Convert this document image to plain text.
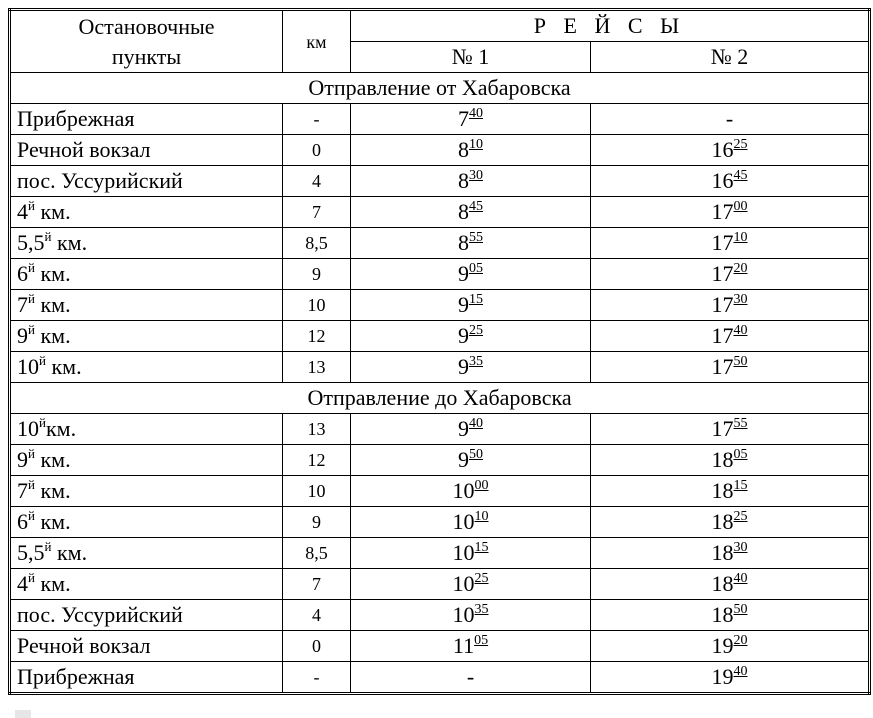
Остановочные
пункты	км	Р Е Й С Ы	
		№ 1	№ 2
Отправление от Хабаровска			
Прибрежная	-	$7^{40}$	-
Речной вокзал	0	$8^{10}$	$16^{25}$
пос. Уссурийский	4	$8^{30}$	$16^{45}$
$4^й$ км.	7	$8^{45}$	$17^{00}$
$5,5^й$ км.	8,5	$8^{55}$	$17^{10}$
$6^й$ км.	9	$9^{05}$	$17^{20}$
$7^й$ км.	10	$9^{15}$	$17^{30}$
$9^й$ км.	12	$9^{25}$	$17^{40}$
$10^й$ км.	13	$9^{35}$	$17^{50}$
Отправление до Хабаровска			
$10^йкм$.	13	$9^{40}$	$17^{55}$
$9^й$ км.	12	$9^{50}$	$18^{05}$
$7^й$ км.	10	$10^{00}$	$18^{15}$
$6^й$ км.	9	$10^{10}$	$18^{25}$
$5,5^й$ км.	8,5	$10^{15}$	$18^{30}$
$4^й$ км.	7	$10^{25}$	$18^{40}$
пос. Уссурийский	4	$10^{35}$	$18^{50}$
Речной вокзал	0	$11^{05}$	$19^{20}$
Прибрежная	-	-	$19^{40}$
